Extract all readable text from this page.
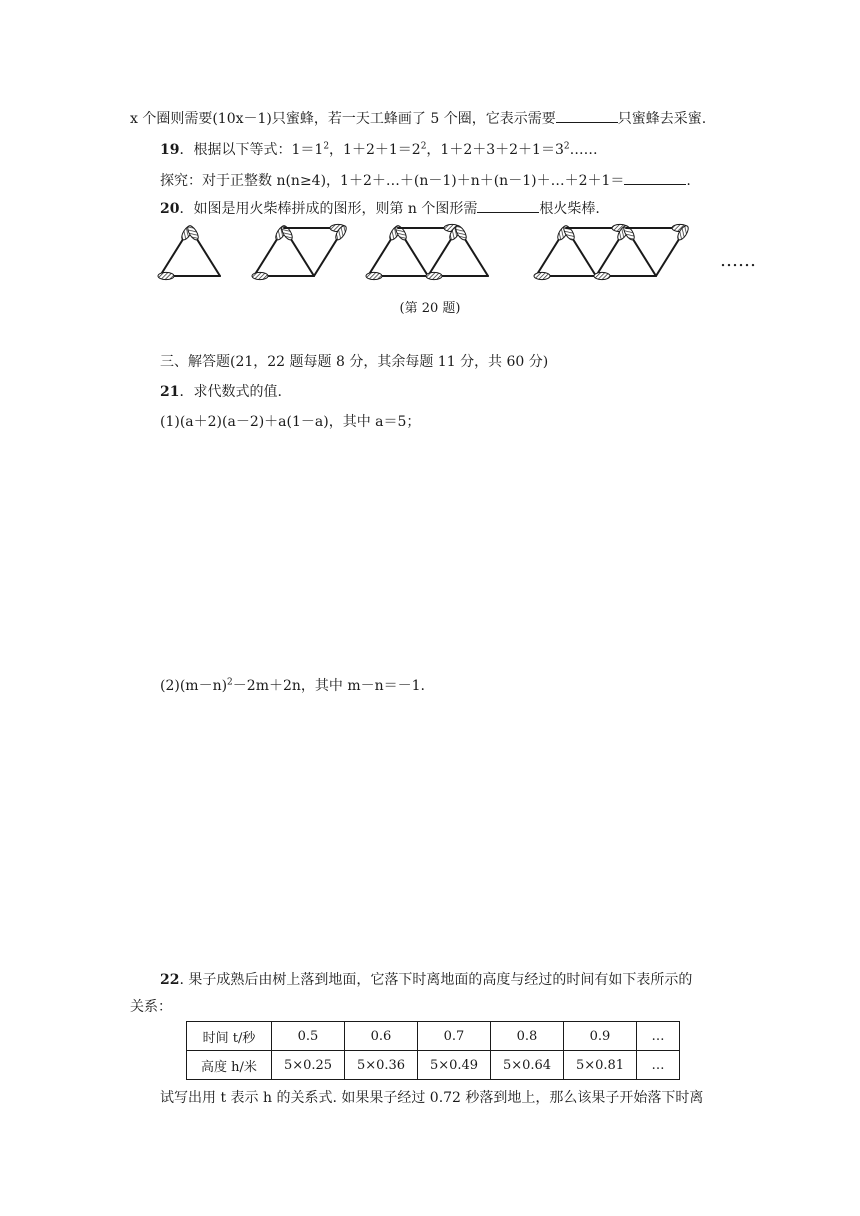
x 个圈则需要(10x－1)只蜜蜂，若一天工蜂画了 5 个圈，它表示需要	只蜜蜂去采蜜.
19．根据以下等式：$1=1^2$，$1+2+1=2^2$，$1+2+3+2+1=3^2\dots\dots$
探究：对于正整数 n(n≥4)，1＋2＋…＋(n－1)＋n＋(n－1)＋…＋2＋1＝	.
20．如图是用火柴棒拼成的图形，则第 n 个图形需	根火柴棒.
……
(第 20 题)
三、解答题(21，22 题每题 8 分，其余每题 11 分，共 60 分)
21．求代数式的值.
(1)(a＋2)(a－2)＋a(1－a)，其中 a＝5；
$(2)(m-n)^2-2m+2n$，其中 m－n＝－1.
22. 果子成熟后由树上落到地面，它落下时离地面的高度与经过的时间有如下表所示的
关系：
时间 t/秒	0.5	0.6	0.7	0.8	0.9	…
高度 h/米	5×0.25	5×0.36	5×0.49	5×0.64	5×0.81	…
试写出用 t 表示 h 的关系式. 如果果子经过 0.72 秒落到地上，那么该果子开始落下时离
